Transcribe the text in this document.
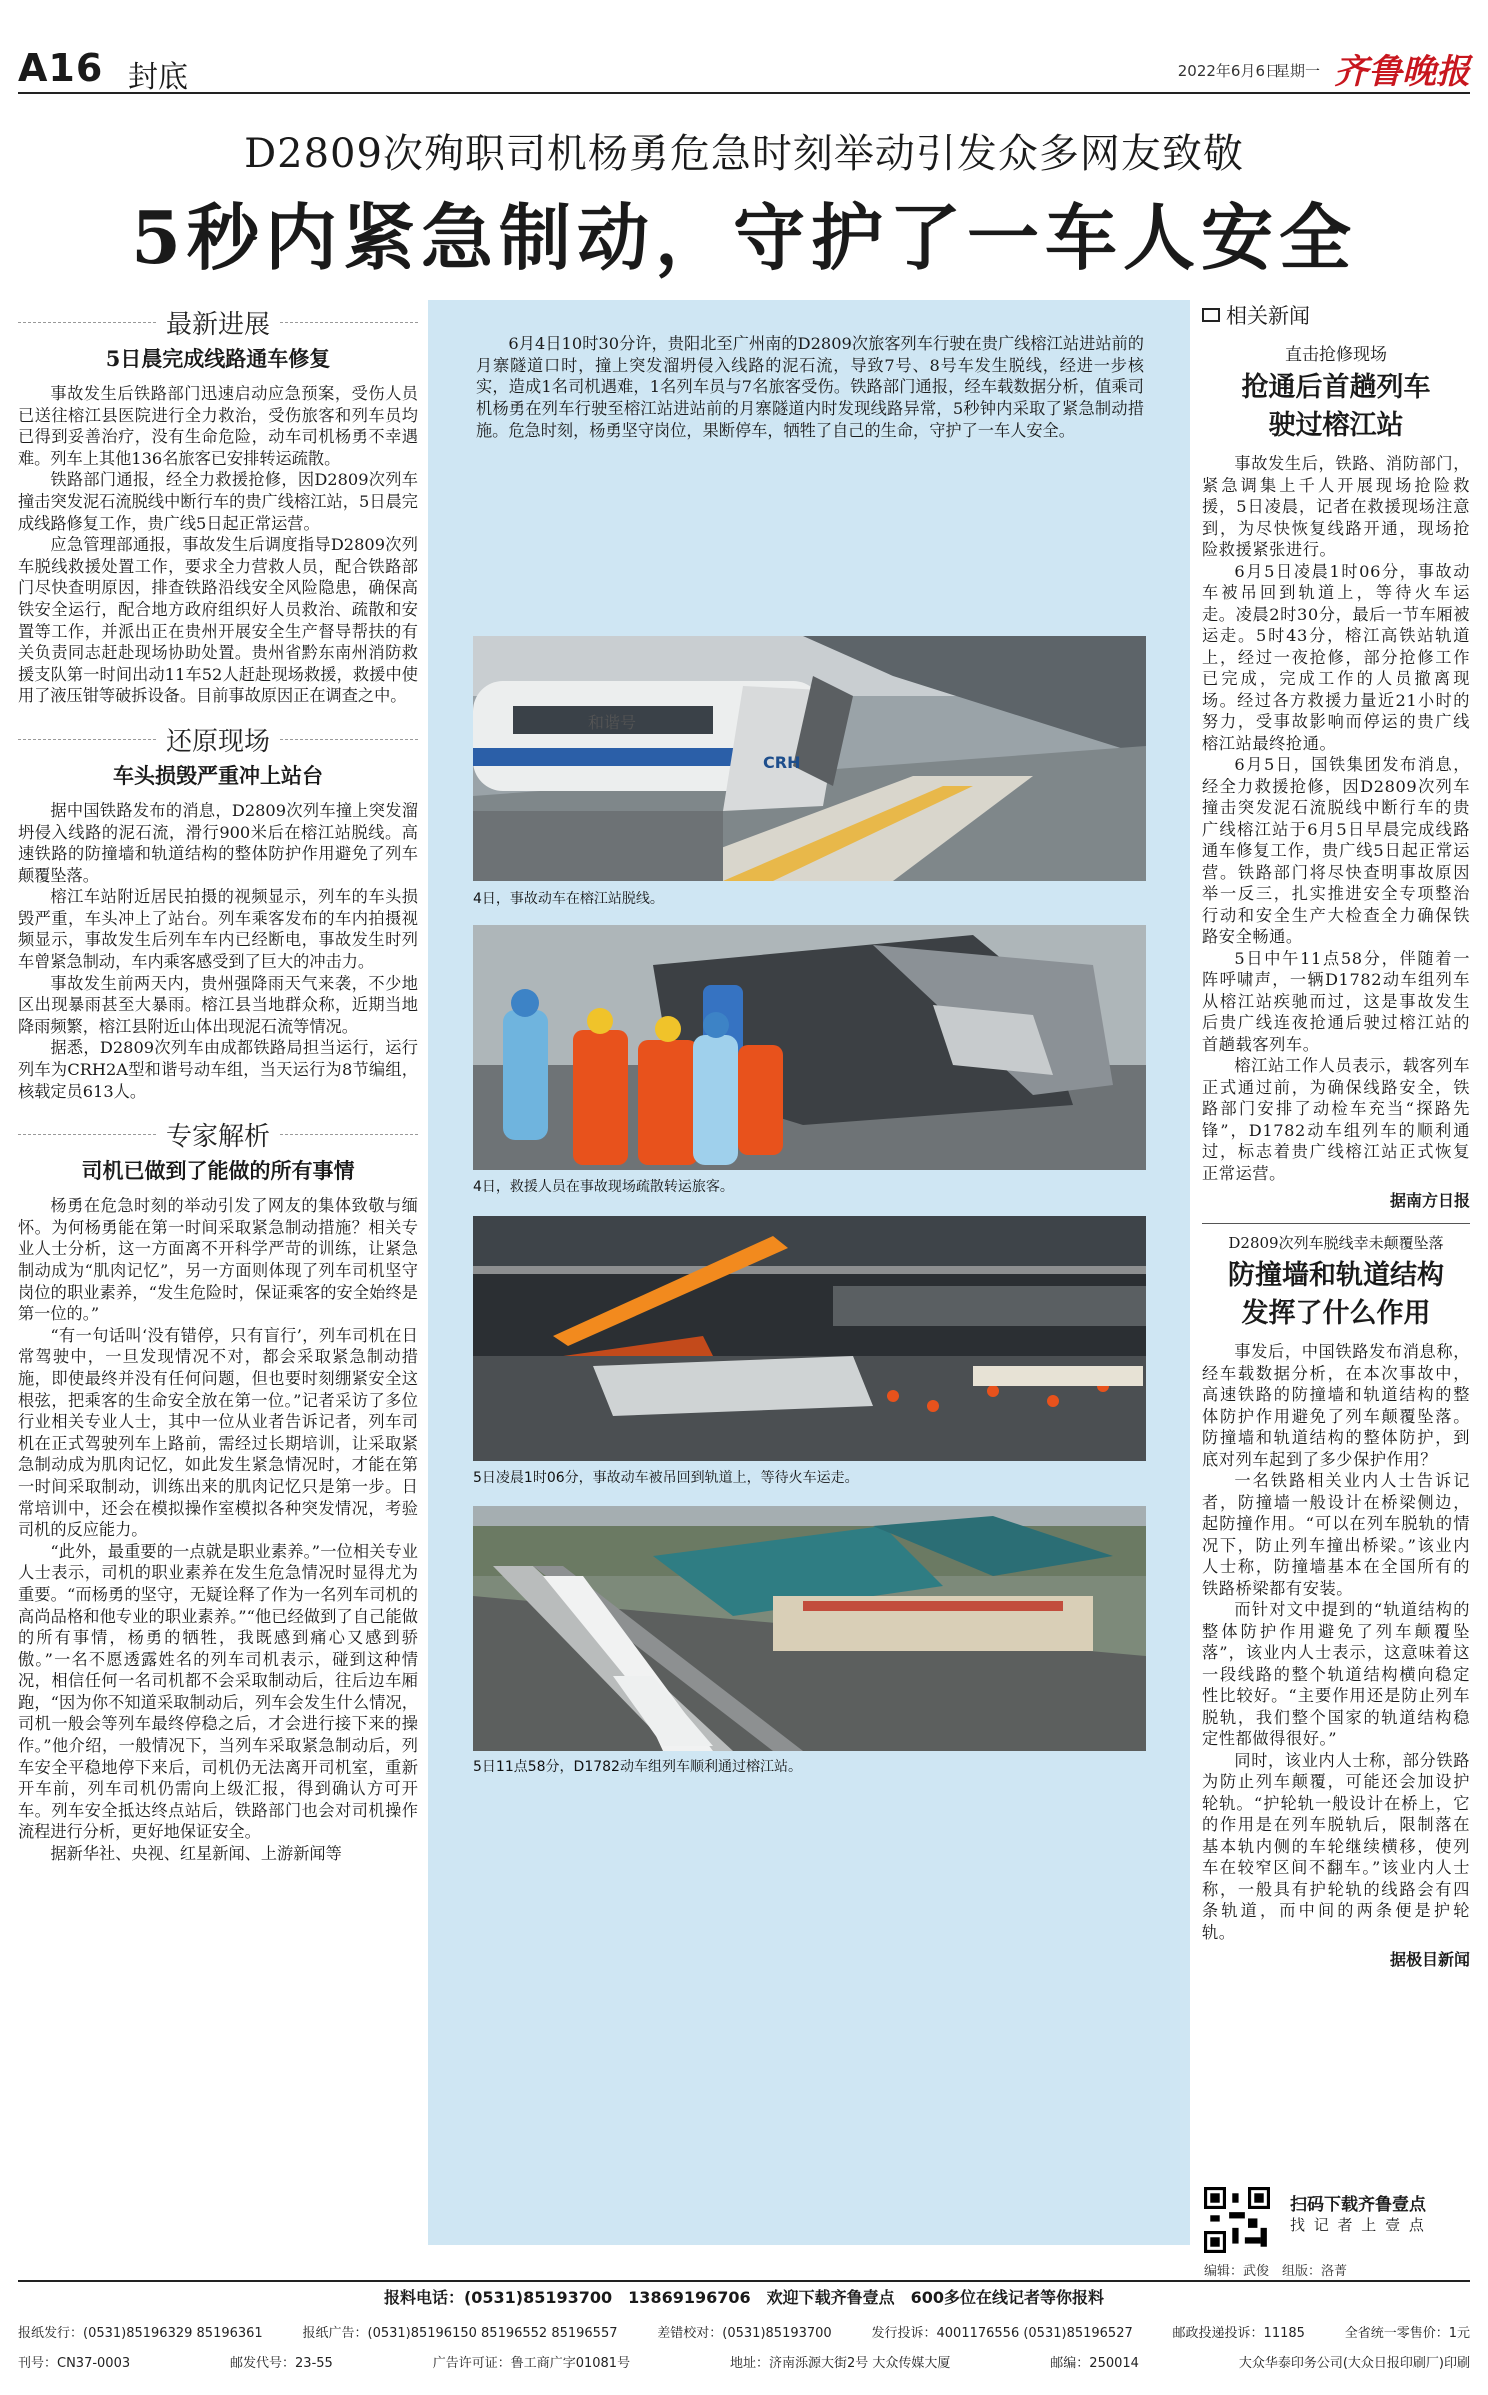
A16 封底	2022年6月6日
星期一 齐鲁晚报
D2809次殉职司机杨勇危急时刻举动引发众多网友致敬
5秒内紧急制动，守护了一车人安全
最新进展
5日晨完成线路通车修复

事故发生后铁路部门迅速启动应急预案，受伤人员已送往榕江县医院进行全力救治，受伤旅客和列车员均已得到妥善治疗，没有生命危险，动车司机杨勇不幸遇难。列车上其他136名旅客已安排转运疏散。

铁路部门通报，经全力救援抢修，因D2809次列车撞击突发泥石流脱线中断行车的贵广线榕江站，5日晨完成线路修复工作，贵广线5日起正常运营。

应急管理部通报，事故发生后调度指导D2809次列车脱线救援处置工作，要求全力营救人员，配合铁路部门尽快查明原因，排查铁路沿线安全风险隐患，确保高铁安全运行，配合地方政府组织好人员救治、疏散和安置等工作，并派出正在贵州开展安全生产督导帮扶的有关负责同志赶赴现场协助处置。贵州省黔东南州消防救援支队第一时间出动11车52人赶赴现场救援，救援中使用了液压钳等破拆设备。目前事故原因正在调查之中。

还原现场
车头损毁严重冲上站台

据中国铁路发布的消息，D2809次列车撞上突发溜坍侵入线路的泥石流，滑行900米后在榕江站脱线。高速铁路的防撞墙和轨道结构的整体防护作用避免了列车颠覆坠落。

榕江车站附近居民拍摄的视频显示，列车的车头损毁严重，车头冲上了站台。列车乘客发布的车内拍摄视频显示，事故发生后列车车内已经断电，事故发生时列车曾紧急制动，车内乘客感受到了巨大的冲击力。

事故发生前两天内，贵州强降雨天气来袭，不少地区出现暴雨甚至大暴雨。榕江县当地群众称，近期当地降雨频繁，榕江县附近山体出现泥石流等情况。

据悉，D2809次列车由成都铁路局担当运行，运行列车为CRH2A型和谐号动车组，当天运行为8节编组，核载定员613人。

专家解析
司机已做到了能做的所有事情

杨勇在危急时刻的举动引发了网友的集体致敬与缅怀。为何杨勇能在第一时间采取紧急制动措施？相关专业人士分析，这一方面离不开科学严苛的训练，让紧急制动成为“肌肉记忆”，另一方面则体现了列车司机坚守岗位的职业素养，“发生危险时，保证乘客的安全始终是第一位的。”

“有一句话叫‘没有错停，只有盲行’，列车司机在日常驾驶中，一旦发现情况不对，都会采取紧急制动措施，即使最终并没有任何问题，但也要时刻绷紧安全这根弦，把乘客的生命安全放在第一位。”记者采访了多位行业相关专业人士，其中一位从业者告诉记者，列车司机在正式驾驶列车上路前，需经过长期培训，让采取紧急制动成为肌肉记忆，如此发生紧急情况时，才能在第一时间采取制动，训练出来的肌肉记忆只是第一步。日常培训中，还会在模拟操作室模拟各种突发情况，考验司机的反应能力。

“此外，最重要的一点就是职业素养。”一位相关专业人士表示，司机的职业素养在发生危急情况时显得尤为重要。“而杨勇的坚守，无疑诠释了作为一名列车司机的高尚品格和他专业的职业素养。”“他已经做到了自己能做的所有事情，杨勇的牺牲，我既感到痛心又感到骄傲。”一名不愿透露姓名的列车司机表示，碰到这种情况，相信任何一名司机都不会采取制动后，往后边车厢跑，“因为你不知道采取制动后，列车会发生什么情况，司机一般会等列车最终停稳之后，才会进行接下来的操作。”他介绍，一般情况下，当列车采取紧急制动后，列车安全平稳地停下来后，司机仍无法离开司机室，重新开车前，列车司机仍需向上级汇报，得到确认方可开车。列车安全抵达终点站后，铁路部门也会对司机操作流程进行分析，更好地保证安全。

据新华社、央视、红星新闻、上游新闻等

6月4日10时30分许，贵阳北至广州南的D2809次旅客列车行驶在贵广线榕江站进站前的月寨隧道口时，撞上突发溜坍侵入线路的泥石流，导致7号、8号车发生脱线，经进一步核实，造成1名司机遇难，1名列车员与7名旅客受伤。铁路部门通报，经车载数据分析，值乘司机杨勇在列车行驶至榕江站进站前的月寨隧道内时发现线路异常，5秒钟内采取了紧急制动措施。危急时刻，杨勇坚守岗位，果断停车，牺牲了自己的生命，守护了一车人安全。

和谐号
CRH
4日，事故动车在榕江站脱线。
4日，救援人员在事故现场疏散转运旅客。
5日凌晨1时06分，事故动车被吊回到轨道上，等待火车运走。
5日11点58分，D1782动车组列车顺利通过榕江站。
相关新闻
直击抢修现场
抢通后首趟列车
驶过榕江站

事故发生后，铁路、消防部门，紧急调集上千人开展现场抢险救援，5日凌晨，记者在救援现场注意到，为尽快恢复线路开通，现场抢险救援紧张进行。

6月5日凌晨1时06分，事故动车被吊回到轨道上，等待火车运走。凌晨2时30分，最后一节车厢被运走。5时43分，榕江高铁站轨道上，经过一夜抢修，部分抢修工作已完成，完成工作的人员撤离现场。经过各方救援力量近21小时的努力，受事故影响而停运的贵广线榕江站最终抢通。

6月5日，国铁集团发布消息，经全力救援抢修，因D2809次列车撞击突发泥石流脱线中断行车的贵广线榕江站于6月5日早晨完成线路通车修复工作，贵广线5日起正常运营。铁路部门将尽快查明事故原因举一反三，扎实推进安全专项整治行动和安全生产大检查全力确保铁路安全畅通。

5日中午11点58分，伴随着一阵呼啸声，一辆D1782动车组列车从榕江站疾驰而过，这是事故发生后贵广线连夜抢通后驶过榕江站的首趟载客列车。

榕江站工作人员表示，载客列车正式通过前，为确保线路安全，铁路部门安排了动检车充当“探路先锋”，D1782动车组列车的顺利通过，标志着贵广线榕江站正式恢复正常运营。

据南方日报
D2809次列车脱线幸未颠覆坠落
防撞墙和轨道结构
发挥了什么作用

事发后，中国铁路发布消息称，经车载数据分析，在本次事故中，高速铁路的防撞墙和轨道结构的整体防护作用避免了列车颠覆坠落。防撞墙和轨道结构的整体防护，到底对列车起到了多少保护作用？

一名铁路相关业内人士告诉记者，防撞墙一般设计在桥梁侧边，起防撞作用。“可以在列车脱轨的情况下，防止列车撞出桥梁。”该业内人士称，防撞墙基本在全国所有的铁路桥梁都有安装。

而针对文中提到的“轨道结构的整体防护作用避免了列车颠覆坠落”，该业内人士表示，这意味着这一段线路的整个轨道结构横向稳定性比较好。“主要作用还是防止列车脱轨，我们整个国家的轨道结构稳定性都做得很好。”

同时，该业内人士称，部分铁路为防止列车颠覆，可能还会加设护轮轨。“护轮轨一般设计在桥上，它的作用是在列车脱轨后，限制落在基本轨内侧的车轮继续横移，使列车在较窄区间不翻车。”该业内人士称，一般具有护轮轨的线路会有四条轨道，而中间的两条便是护轮轨。

据极目新闻
扫码下载齐鲁壹点
找 记 者 上 壹 点
编辑：武俊　组版：洛菁
报料电话：(0531)85193700　13869196706　欢迎下载齐鲁壹点　600多位在线记者等你报料
报纸发行：(0531)85196329 85196361	报纸广告：(0531)85196150 85196552 85196557	差错校对：(0531)85193700	发行投诉：4001176556 (0531)85196527	邮政投递投诉：11185	全省统一零售价：1元
刊号：CN37-0003	邮发代号：23-55	广告许可证：鲁工商广字01081号	地址：济南泺源大街2号 大众传媒大厦	邮编：250014	大众华泰印务公司(大众日报印刷厂)印刷
